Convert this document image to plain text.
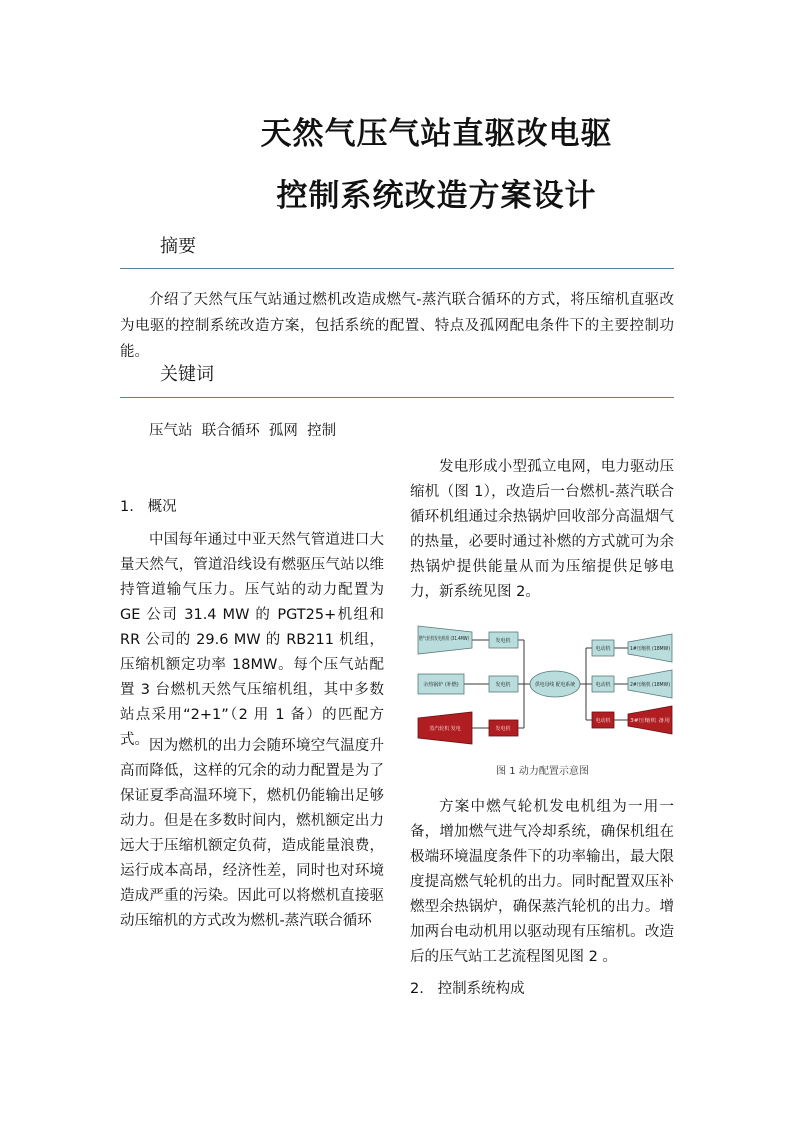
天然气压气站直驱改电驱
控制系统改造方案设计
摘要
介绍了天然气压气站通过燃机改造成燃气-蒸汽联合循环的方式，将压缩机直驱改为电驱的控制系统改造方案，包括系统的配置、特点及孤网配电条件下的主要控制功能。
关键词
压气站  联合循环  孤网  控制
1.   概况
中国每年通过中亚天然气管道进口大量天然气，管道沿线设有燃驱压气站以维持管道输气压力。压气站的动力配置为GE 公司 31.4 MW 的 PGT25+机组和 RR 公司的 29.6 MW 的 RB211 机组，压缩机额定功率 18MW。每个压气站配置 3 台燃机天然气压缩机组，其中多数站点采用“2+1”（2 用 1 备）的匹配方式。 因为燃机的出力会随环境空气温度升高而降低，这样的冗余的动力配置是为了保证夏季高温环境下，燃机仍能输出足够动力。但是在多数时间内，燃机额定出力远大于压缩机额定负荷，造成能量浪费，运行成本高昂，经济性差，同时也对环境造成严重的污染。因此可以将燃机直接驱动压缩机的方式改为燃机-蒸汽联合循环
发电形成小型孤立电网，电力驱动压缩机（图 1），改造后一台燃机-蒸汽联合循环机组通过余热锅炉回收部分高温烟气的热量，必要时通过补燃的方式就可为余热锅炉提供能量从而为压缩提供足够电力，新系统见图 2。
燃气轮机发电机组 (31.4MW)
余热锅炉 (补燃)
发电机
发电机	供电母线 配电系统
电动机
电动机
1#压缩机 (18MW)
2#压缩机 (18MW)
蒸汽轮机 发电	发电机
电动机	3#压缩机 备用
图 1 动力配置示意图
方案中燃气轮机发电机组为一用一备，增加燃气进气冷却系统，确保机组在极端环境温度条件下的功率输出，最大限度提高燃气轮机的出力。同时配置双压补燃型余热锅炉，确保蒸汽轮机的出力。增加两台电动机用以驱动现有压缩机。改造后的压气站工艺流程图见图 2 。
2.   控制系统构成
